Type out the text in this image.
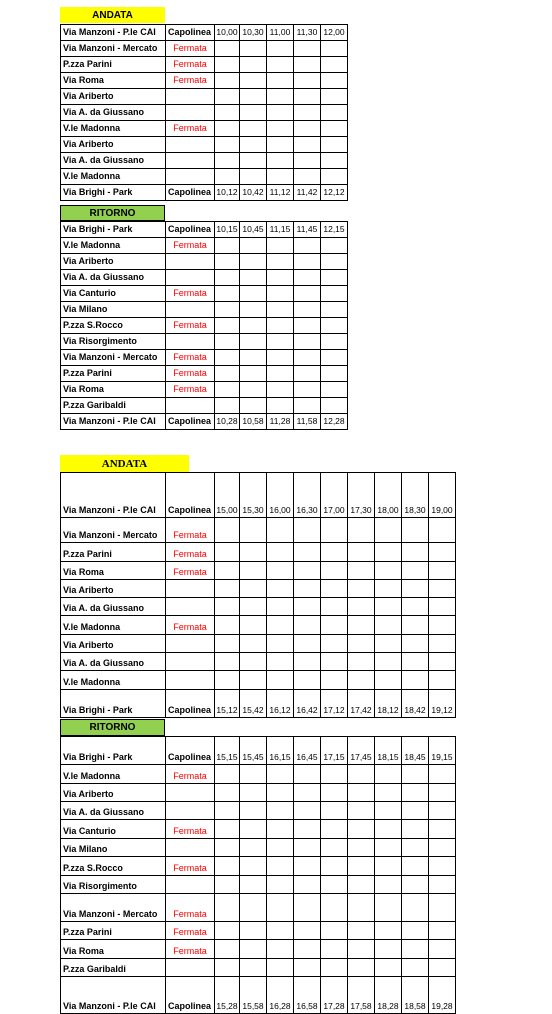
ANDATA
Via Manzoni - P.le CAI	Capolinea	10,00	10,30	11,00	11,30	12,00
Via Manzoni - Mercato	Fermata					
P.zza Parini	Fermata					
Via Roma	Fermata					
Via Ariberto						
Via A. da Giussano						
V.le Madonna	Fermata					
Via Ariberto						
Via A. da Giussano						
V.le Madonna						
Via Brighi - Park	Capolinea	10,12	10,42	11,12	11,42	12,12
RITORNO
Via Brighi - Park	Capolinea	10,15	10,45	11,15	11,45	12,15
V.le Madonna	Fermata					
Via Ariberto						
Via A. da Giussano						
Via Canturio	Fermata					
Via Milano						
P.zza S.Rocco	Fermata					
Via Risorgimento						
Via Manzoni - Mercato	Fermata					
P.zza Parini	Fermata					
Via Roma	Fermata					
P.zza Garibaldi						
Via Manzoni - P.le CAI	Capolinea	10,28	10,58	11,28	11,58	12,28
ANDATA
Via Manzoni - P.le CAI	Capolinea	15,00	15,30	16,00	16,30	17,00	17,30	18,00	18,30	19,00
Via Manzoni - Mercato	Fermata									
P.zza Parini	Fermata									
Via Roma	Fermata									
Via Ariberto										
Via A. da Giussano										
V.le Madonna	Fermata									
Via Ariberto										
Via A. da Giussano										
V.le Madonna										
Via Brighi - Park	Capolinea	15,12	15,42	16,12	16,42	17,12	17,42	18,12	18,42	19,12
RITORNO
Via Brighi - Park	Capolinea	15,15	15,45	16,15	16,45	17,15	17,45	18,15	18,45	19,15
V.le Madonna	Fermata									
Via Ariberto										
Via A. da Giussano										
Via Canturio	Fermata									
Via Milano										
P.zza S.Rocco	Fermata									
Via Risorgimento										
Via Manzoni - Mercato	Fermata									
P.zza Parini	Fermata									
Via Roma	Fermata									
P.zza Garibaldi										
Via Manzoni - P.le CAI	Capolinea	15,28	15,58	16,28	16,58	17,28	17,58	18,28	18,58	19,28
